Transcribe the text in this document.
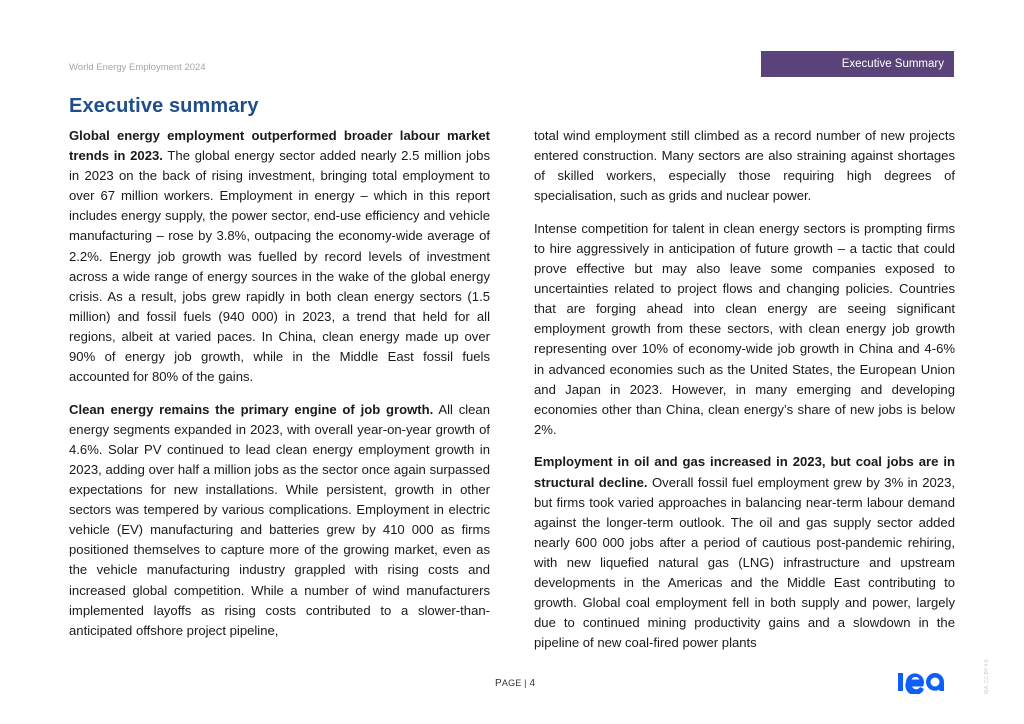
World Energy Employment 2024	Executive Summary
Executive summary

Global energy employment outperformed broader labour market trends in 2023. The global energy sector added nearly 2.5 million jobs in 2023 on the back of rising investment, bringing total employment to over 67 million workers. Employment in energy – which in this report includes energy supply, the power sector, end-use efficiency and vehicle manufacturing – rose by 3.8%, outpacing the economy-wide average of 2.2%. Energy job growth was fuelled by record levels of investment across a wide range of energy sources in the wake of the global energy crisis. As a result, jobs grew rapidly in both clean energy sectors (1.5 million) and fossil fuels (940 000) in 2023, a trend that held for all regions, albeit at varied paces. In China, clean energy made up over 90% of energy job growth, while in the Middle East fossil fuels accounted for 80% of the gains.

Clean energy remains the primary engine of job growth. All clean energy segments expanded in 2023, with overall year-on-year growth of 4.6%. Solar PV continued to lead clean energy employment growth in 2023, adding over half a million jobs as the sector once again surpassed expectations for new installations. While persistent, growth in other sectors was tempered by various complications. Employment in electric vehicle (EV) manufacturing and batteries grew by 410 000 as firms positioned themselves to capture more of the growing market, even as the vehicle manufacturing industry grappled with rising costs and increased global competition. While a number of wind manufacturers implemented layoffs as rising costs contributed to a slower-than-anticipated offshore project pipeline,

total wind employment still climbed as a record number of new projects entered construction. Many sectors are also straining against shortages of skilled workers, especially those requiring high degrees of specialisation, such as grids and nuclear power.

Intense competition for talent in clean energy sectors is prompting firms to hire aggressively in anticipation of future growth – a tactic that could prove effective but may also leave some companies exposed to uncertainties related to project flows and changing policies. Countries that are forging ahead into clean energy are seeing significant employment growth from these sectors, with clean energy job growth representing over 10% of economy-wide job growth in China and 4-6% in advanced economies such as the United States, the European Union and Japan in 2023. However, in many emerging and developing economies other than China, clean energy’s share of new jobs is below 2%.

Employment in oil and gas increased in 2023, but coal jobs are in structural decline. Overall fossil fuel employment grew by 3% in 2023, but firms took varied approaches in balancing near-term labour demand against the longer-term outlook. The oil and gas supply sector added nearly 600 000 jobs after a period of cautious post-pandemic rehiring, with new liquefied natural gas (LNG) infrastructure and upstream developments in the Americas and the Middle East contributing to growth. Global coal employment fell in both supply and power, largely due to continued mining productivity gains and a slowdown in the pipeline of new coal-fired power plants

PAGE | 4	IEA. CC BY 4.0.
